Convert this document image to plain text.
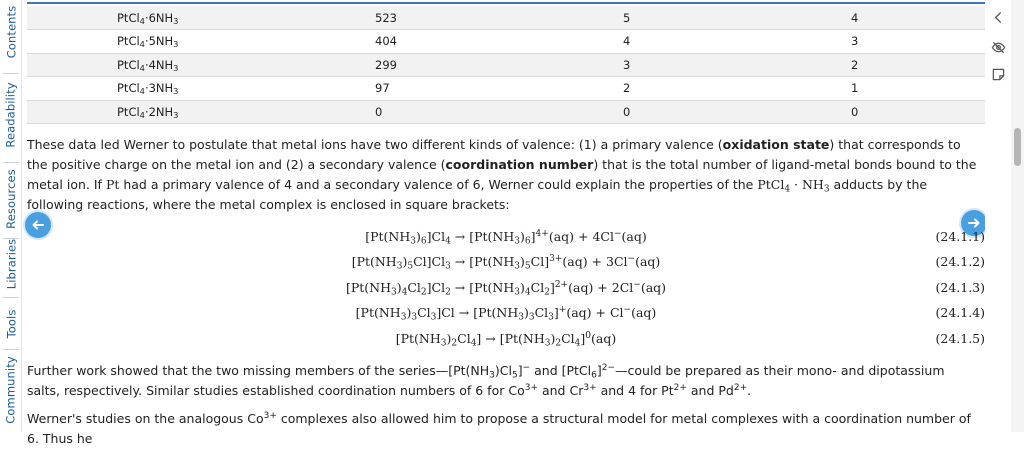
Contents
Readability
Resources
Libraries
Tools
Community
$PtCl_4\cdot 6NH_3$	523	5	4
$PtCl_4\cdot 5NH_3$	404	4	3
$PtCl_4\cdot 4NH_3$	299	3	2
$PtCl_4\cdot 3NH_3$	97	2	1
$PtCl_4\cdot 2NH_3$	0	0	0

These data led Werner to postulate that metal ions have two different kinds of valence: (1) a primary valence (oxidation state) that corresponds to the positive charge on the metal ion and (2) a secondary valence (coordination number) that is the total number of ligand-metal bonds bound to the metal ion. If Pt had a primary valence of 4 and a secondary valence of 6, Werner could explain the properties of the PtCl$_4$ · $NH_3$ adducts by the following reactions, where the metal complex is enclosed in square brackets:

$[Pt(NH_3)_6]Cl_4 \to [Pt(NH_3)_6]^{4+}(aq) + 4Cl^-(aq)$	(24.1.1)
$[Pt(NH_3)_5Cl]Cl_3 \to [Pt(NH_3)_5Cl]^{3+}(aq) + 3Cl^-(aq)$	(24.1.2)
$[Pt(NH_3)_4Cl_2]Cl_2 \to [Pt(NH_3)_4Cl_2]^{2+}(aq) + 2Cl^-(aq)$	(24.1.3)
$[Pt(NH_3)_3Cl_3]Cl \to [Pt(NH_3)_3Cl_3]^+(aq) + Cl^-(aq)$	(24.1.4)
$[Pt(NH_3)_2Cl_4] \to [Pt(NH_3)_2Cl_4]^0(aq)$	(24.1.5)

Further work showed that the two missing members of the $series—[Pt(NH_3)Cl_5]^-$ and [PtCl$_6$]$^{2-}$—could be prepared as their mono- and dipotassium salts, respectively. Similar studies established coordination numbers of 6 for $Co^{3+}$ and $Cr^{3+}$ and 4 for $Pt^{2+}$ and $Pd^{2+}$.

Werner's studies on the analogous $Co^{3+}$ complexes also allowed him to propose a structural model for metal complexes with a coordination number of 6. Thus he
